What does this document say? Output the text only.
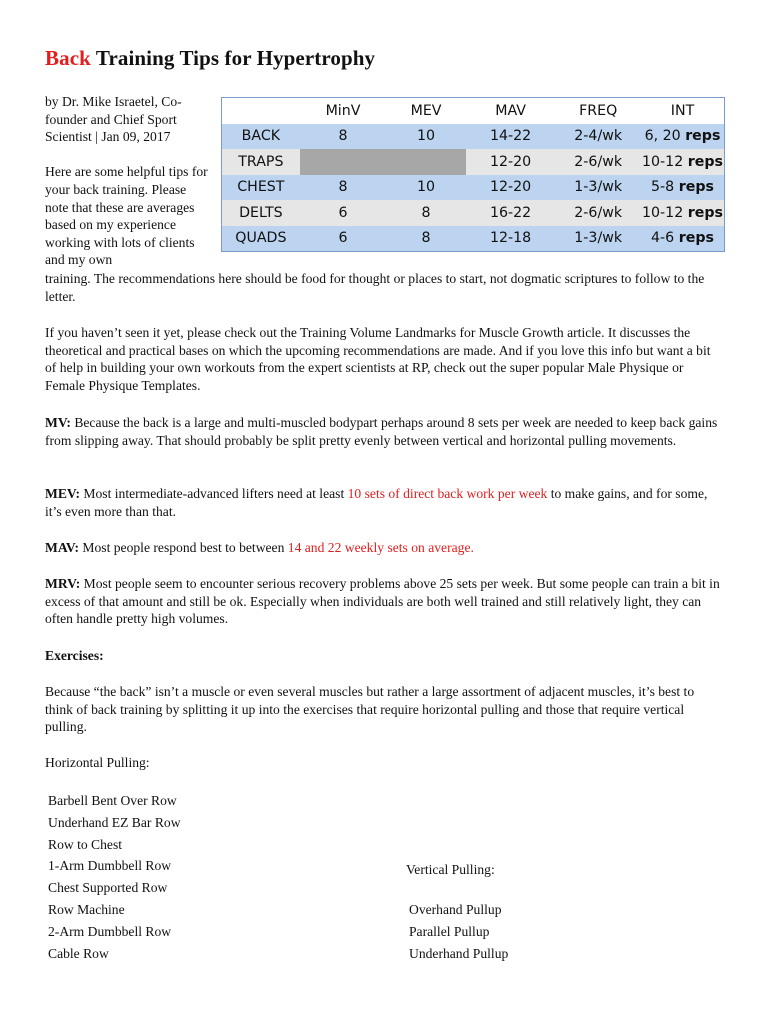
Back Training Tips for Hypertrophy

by Dr. Mike Israetel, Co-founder and Chief Sport Scientist | Jan 09, 2017

Here are some helpful tips for your back training. Please note that these are averages based on my experience working with lots of clients and my own

	MinV	MEV	MAV	FREQ	INT
BACK	8	10	14-22	2-4/wk	6, 20 reps
TRAPS			12-20	2-6/wk	10-12 reps
CHEST	8	10	12-20	1-3/wk	5-8 reps
DELTS	6	8	16-22	2-6/wk	10-12 reps
QUADS	6	8	12-18	1-3/wk	4-6 reps

training. The recommendations here should be food for thought or places to start, not dogmatic scriptures to follow to the letter.

If you haven’t seen it yet, please check out the Training Volume Landmarks for Muscle Growth article. It discusses the theoretical and practical bases on which the upcoming recommendations are made. And if you love this info but want a bit of help in building your own workouts from the expert scientists at RP, check out the super popular Male Physique or Female Physique Templates.

MV: Because the back is a large and multi-muscled bodypart perhaps around 8 sets per week are needed to keep back gains from slipping away. That should probably be split pretty evenly between vertical and horizontal pulling movements.

MEV: Most intermediate-advanced lifters need at least 10 sets of direct back work per week to make gains, and for some, it’s even more than that.

MAV: Most people respond best to between 14 and 22 weekly sets on average.

MRV: Most people seem to encounter serious recovery problems above 25 sets per week. But some people can train a bit in excess of that amount and still be ok. Especially when individuals are both well trained and still relatively light, they can often handle pretty high volumes.

Exercises:

Because “the back” isn’t a muscle or even several muscles but rather a large assortment of adjacent muscles, it’s best to think of back training by splitting it up into the exercises that require horizontal pulling and those that require vertical pulling.

Horizontal Pulling:

Barbell Bent Over Row
Underhand EZ Bar Row
Row to Chest
1-Arm Dumbbell Row
Chest Supported Row
Row Machine
2-Arm Dumbbell Row
Cable Row

Vertical Pulling:

Overhand Pullup
Parallel Pullup
Underhand Pullup
